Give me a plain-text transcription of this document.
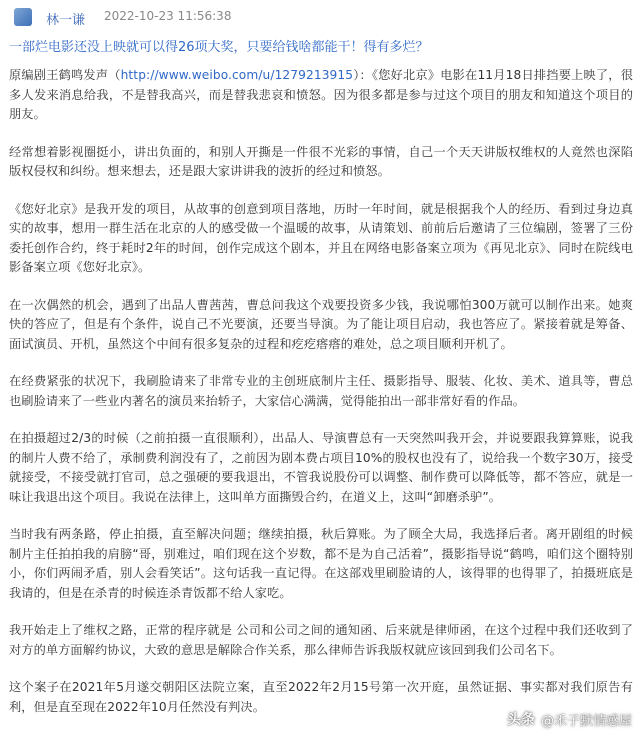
林一谦 2022-10-23 11:56:38
一部烂电影还没上映就可以得26项大奖，只要给钱啥都能干！得有多烂？

原编剧王鹤鸣发声（http://www.weibo.com/u/1279213915）：《您好北京》电影在11月18日排挡要上映了，很多人发来消息给我，不是替我高兴，而是替我悲哀和愤怒。因为很多都是参与过这个项目的朋友和知道这个项目的朋友。

经常想着影视圈挺小，讲出负面的，和别人开撕是一件很不光彩的事情，自己一个天天讲版权维权的人竟然也深陷版权侵权和纠纷。想来想去，还是跟大家讲讲我的波折的经过和愤怒。

《您好北京》是我开发的项目，从故事的创意到项目落地，历时一年时间，就是根据我个人的经历、看到过身边真实的故事，想用一群生活在北京的人的感受做一个温暖的故事，从请策划、前前后后邀请了三位编剧，签署了三份委托创作合约，终于耗时2年的时间，创作完成这个剧本，并且在网络电影备案立项为《再见北京》、同时在院线电影备案立项《您好北京》。

在一次偶然的机会，遇到了出品人曹茜茜，曹总问我这个戏要投资多少钱，我说哪怕300万就可以制作出来。她爽快的答应了，但是有个条件，说自己不光要演，还要当导演。为了能让项目启动，我也答应了。紧接着就是筹备、面试演员、开机，虽然这个中间有很多复杂的过程和疙疙瘩瘩的难处，总之项目顺利开机了。

在经费紧张的状况下，我刷脸请来了非常专业的主创班底制片主任、摄影指导、服装、化妆、美术、道具等，曹总也刷脸请来了一些业内著名的演员来抬轿子，大家信心满满，觉得能拍出一部非常好看的作品。

在拍摄超过2/3的时候（之前拍摄一直很顺利），出品人、导演曹总有一天突然叫我开会，并说要跟我算算账，说我的制片人费不给了，承制费利润没有了，之前因为剧本费占项目10%的股权也没有了，说给我一个数字30万，接受就接受，不接受就打官司，总之强硬的要我退出，不管我说股份可以调整、制作费可以降低等，都不答应，就是一味让我退出这个项目。我说在法律上，这叫单方面撕毁合约，在道义上，这叫“卸磨杀驴”。

当时我有两条路，停止拍摄，直至解决问题；继续拍摄，秋后算账。为了顾全大局，我选择后者。离开剧组的时候制片主任拍拍我的肩膀“哥，别难过，咱们现在这个岁数，都不是为自己活着”，摄影指导说“鹤鸣，咱们这个圈特别小，你们两闹矛盾，别人会看笑话”。这句话我一直记得。在这部戏里刷脸请的人，该得罪的也得罪了，拍摄班底是我请的，但是在杀青的时候连杀青饭都不给人家吃。

我开始走上了维权之路，正常的程序就是 公司和公司之间的通知函、后来就是律师函，在这个过程中我们还收到了对方的单方面解约协议，大致的意思是解除合作关系，那么律师告诉我版权就应该回到我们公司名下。

这个案子在2021年5月遂交朝阳区法院立案，直至2022年2月15号第一次开庭，虽然证据、事实都对我们原告有利，但是直至现在2022年10月任然没有判决。

头条 @禾子默情感屋
